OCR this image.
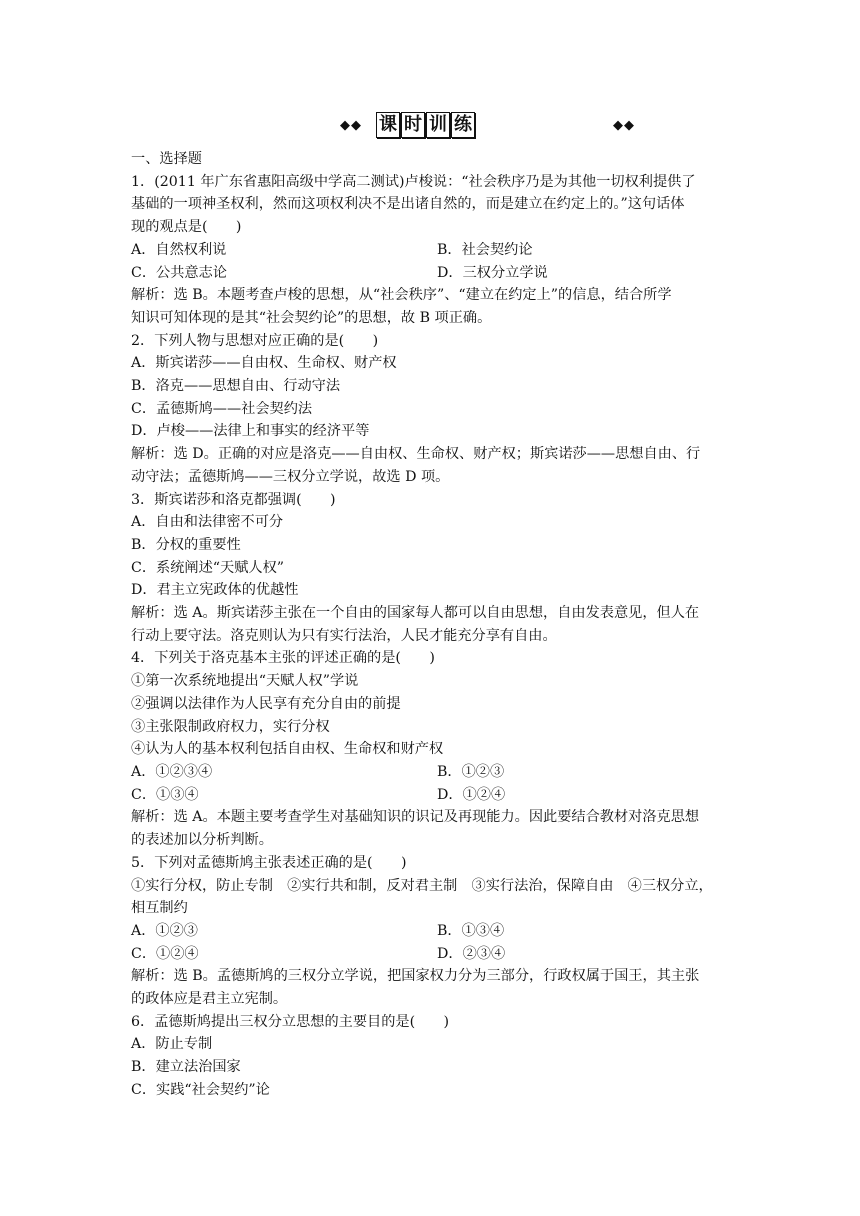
◆◆ 课 时 训 练	◆◆
一、选择题
1．(2011 年广东省惠阳高级中学高二测试)卢梭说：“社会秩序乃是为其他一切权利提供了
基础的一项神圣权利，然而这项权利决不是出诸自然的，而是建立在约定上的。”这句话体
现的观点是(　　)
A．自然权利说	B．社会契约论
C．公共意志论	D．三权分立学说
解析：选 B。本题考查卢梭的思想，从“社会秩序”、“建立在约定上”的信息，结合所学
知识可知体现的是其“社会契约论”的思想，故 B 项正确。
2．下列人物与思想对应正确的是(　　)
A．斯宾诺莎——自由权、生命权、财产权
B．洛克——思想自由、行动守法
C．孟德斯鸠——社会契约法
D．卢梭——法律上和事实的经济平等
解析：选 D。正确的对应是洛克——自由权、生命权、财产权；斯宾诺莎——思想自由、行
动守法；孟德斯鸠——三权分立学说，故选 D 项。
3．斯宾诺莎和洛克都强调(　　)
A．自由和法律密不可分
B．分权的重要性
C．系统阐述“天赋人权”
D．君主立宪政体的优越性
解析：选 A。斯宾诺莎主张在一个自由的国家每人都可以自由思想，自由发表意见，但人在
行动上要守法。洛克则认为只有实行法治，人民才能充分享有自由。
4．下列关于洛克基本主张的评述正确的是(　　)
①第一次系统地提出“天赋人权”学说
②强调以法律作为人民享有充分自由的前提
③主张限制政府权力，实行分权
④认为人的基本权利包括自由权、生命权和财产权
A．①②③④	B．①②③
C．①③④	D．①②④
解析：选 A。本题主要考查学生对基础知识的识记及再现能力。因此要结合教材对洛克思想
的表述加以分析判断。
5．下列对孟德斯鸠主张表述正确的是(　　)
①实行分权，防止专制　②实行共和制，反对君主制　③实行法治，保障自由　④三权分立，
相互制约
A．①②③	B．①③④
C．①②④	D．②③④
解析：选 B。孟德斯鸠的三权分立学说，把国家权力分为三部分，行政权属于国王，其主张
的政体应是君主立宪制。
6．孟德斯鸠提出三权分立思想的主要目的是(　　)
A．防止专制
B．建立法治国家
C．实践“社会契约”论
